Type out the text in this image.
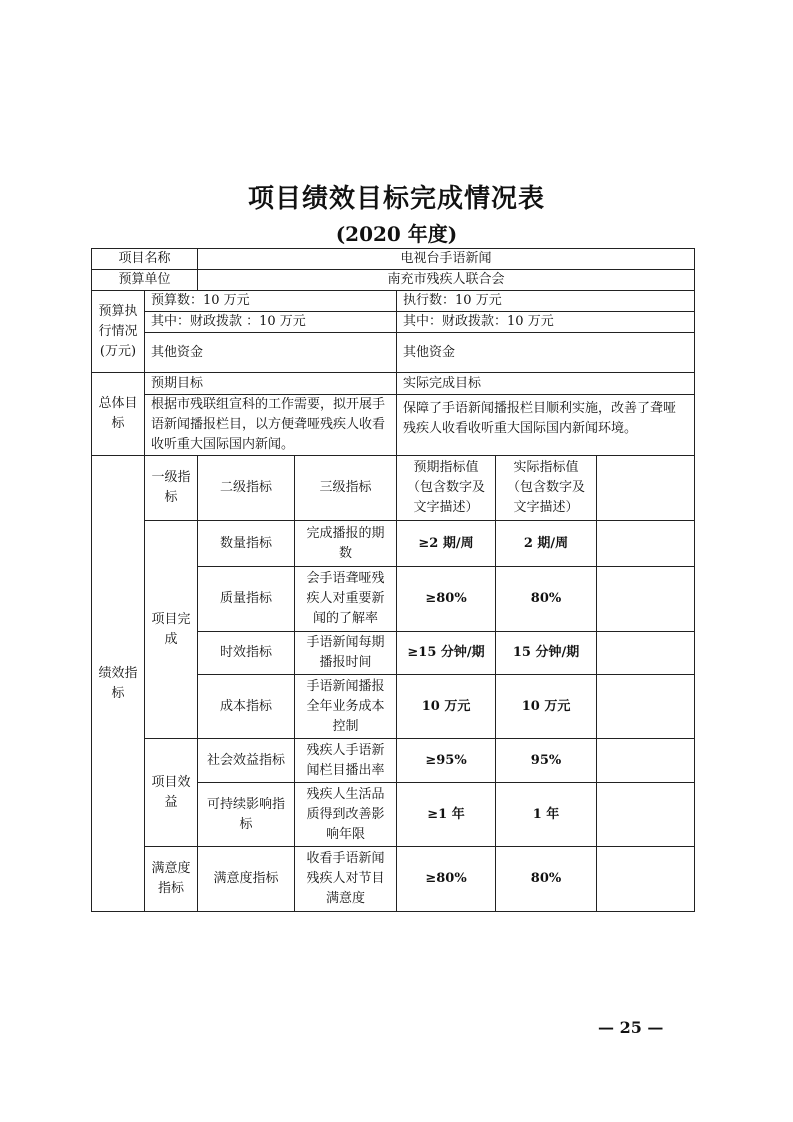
项目绩效目标完成情况表
(2020 年度)
项目名称		电视台手语新闻				
预算单位		南充市残疾人联合会				
预算执行情况(万元)	预算数：10 万元			执行数：10 万元		
	其中：财政拨款 ：10 万元			其中：财政拨款：10 万元		
	其他资金			其他资金		
总体目标	预期目标			实际完成目标		
	根据市残联组宣科的工作需要，拟开展手语新闻播报栏目，以方便聋哑残疾人收看收听重大国际国内新闻。			保障了手语新闻播报栏目顺利实施，改善了聋哑残疾人收看收听重大国际国内新闻环境。		
绩效指标	一级指标	二级指标	三级指标	预期指标值（包含数字及文字描述）	实际指标值（包含数字及文字描述）	
	项目完成	数量指标	完成播报的期数	≥2 期/周	2 期/周	
		质量指标	会手语聋哑残疾人对重要新闻的了解率	≥80%	80%	
		时效指标	手语新闻每期播报时间	≥15 分钟/期	15 分钟/期	
		成本指标	手语新闻播报全年业务成本控制	10 万元	10 万元	
	项目效益	社会效益指标	残疾人手语新闻栏目播出率	≥95%	95%	
		可持续影响指标	残疾人生活品质得到改善影响年限	≥1 年	1 年	
	满意度指标	满意度指标	收看手语新闻残疾人对节目满意度	≥80%	80%	
— 25 —
